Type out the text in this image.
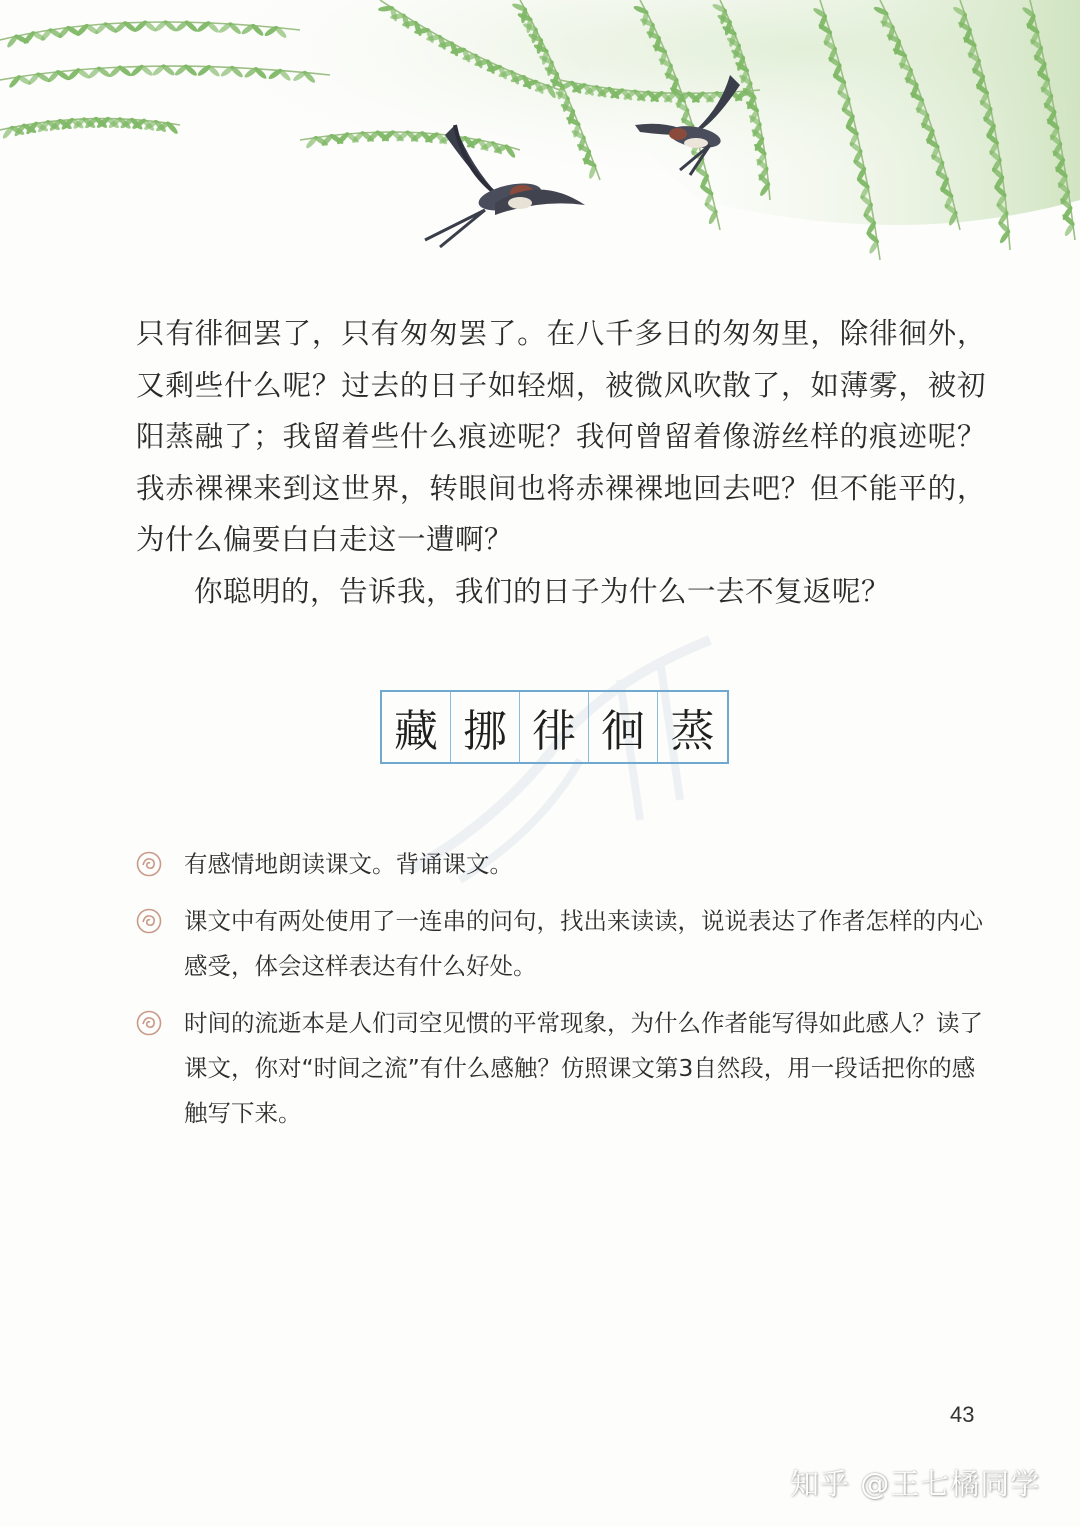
只有徘徊罢了，只有匆匆罢了。在八千多日的匆匆里，除徘徊外，又剩些什么呢？过去的日子如轻烟，被微风吹散了，如薄雾，被初阳蒸融了；我留着些什么痕迹呢？我何曾留着像游丝样的痕迹呢？我赤裸裸来到这世界，转眼间也将赤裸裸地回去吧？但不能平的，为什么偏要白白走这一遭啊？

你聪明的，告诉我，我们的日子为什么一去不复返呢？

藏 挪 徘 徊 蒸
有感情地朗读课文。背诵课文。
课文中有两处使用了一连串的问句，找出来读读，说说表达了作者怎样的内心感受，体会这样表达有什么好处。
时间的流逝本是人们司空见惯的平常现象，为什么作者能写得如此感人？读了课文，你对“时间之流”有什么感触？仿照课文第3自然段，用一段话把你的感触写下来。
43
知乎 @王七橘同学
